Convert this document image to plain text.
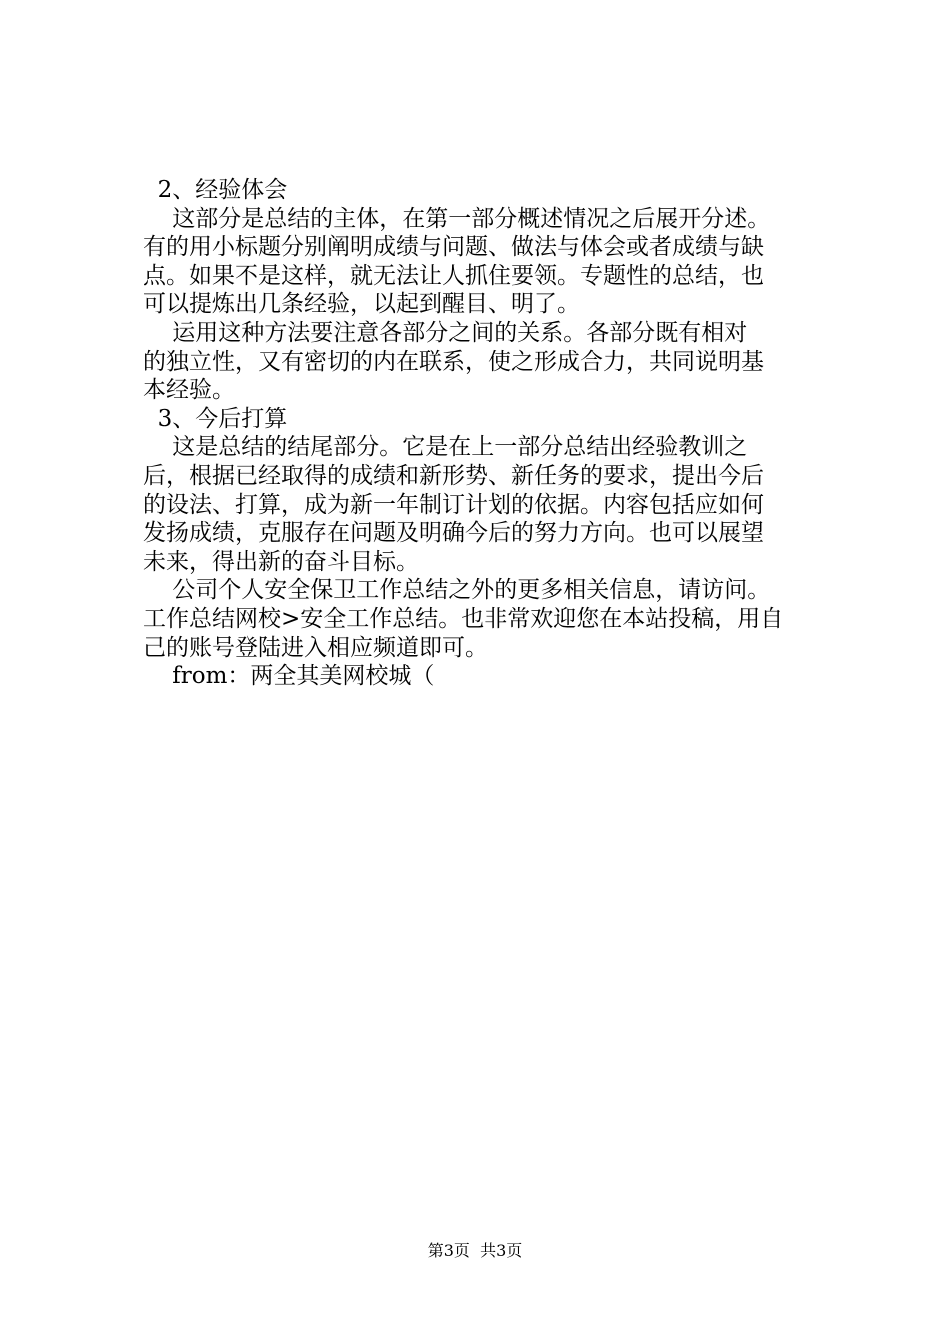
2、经验体会
这部分是总结的主体，在第一部分概述情况之后展开分述。
有的用小标题分别阐明成绩与问题、做法与体会或者成绩与缺
点。如果不是这样，就无法让人抓住要领。专题性的总结，也
可以提炼出几条经验，以起到醒目、明了。
运用这种方法要注意各部分之间的关系。各部分既有相对
的独立性，又有密切的内在联系，使之形成合力，共同说明基
本经验。
3、今后打算
这是总结的结尾部分。它是在上一部分总结出经验教训之
后，根据已经取得的成绩和新形势、新任务的要求，提出今后
的设法、打算，成为新一年制订计划的依据。内容包括应如何
发扬成绩，克服存在问题及明确今后的努力方向。也可以展望
未来，得出新的奋斗目标。
公司个人安全保卫工作总结之外的更多相关信息，请访问。
工作总结网校>安全工作总结。也非常欢迎您在本站投稿，用自
己的账号登陆进入相应频道即可。
from：两全其美网校城（
第3页  共3页
